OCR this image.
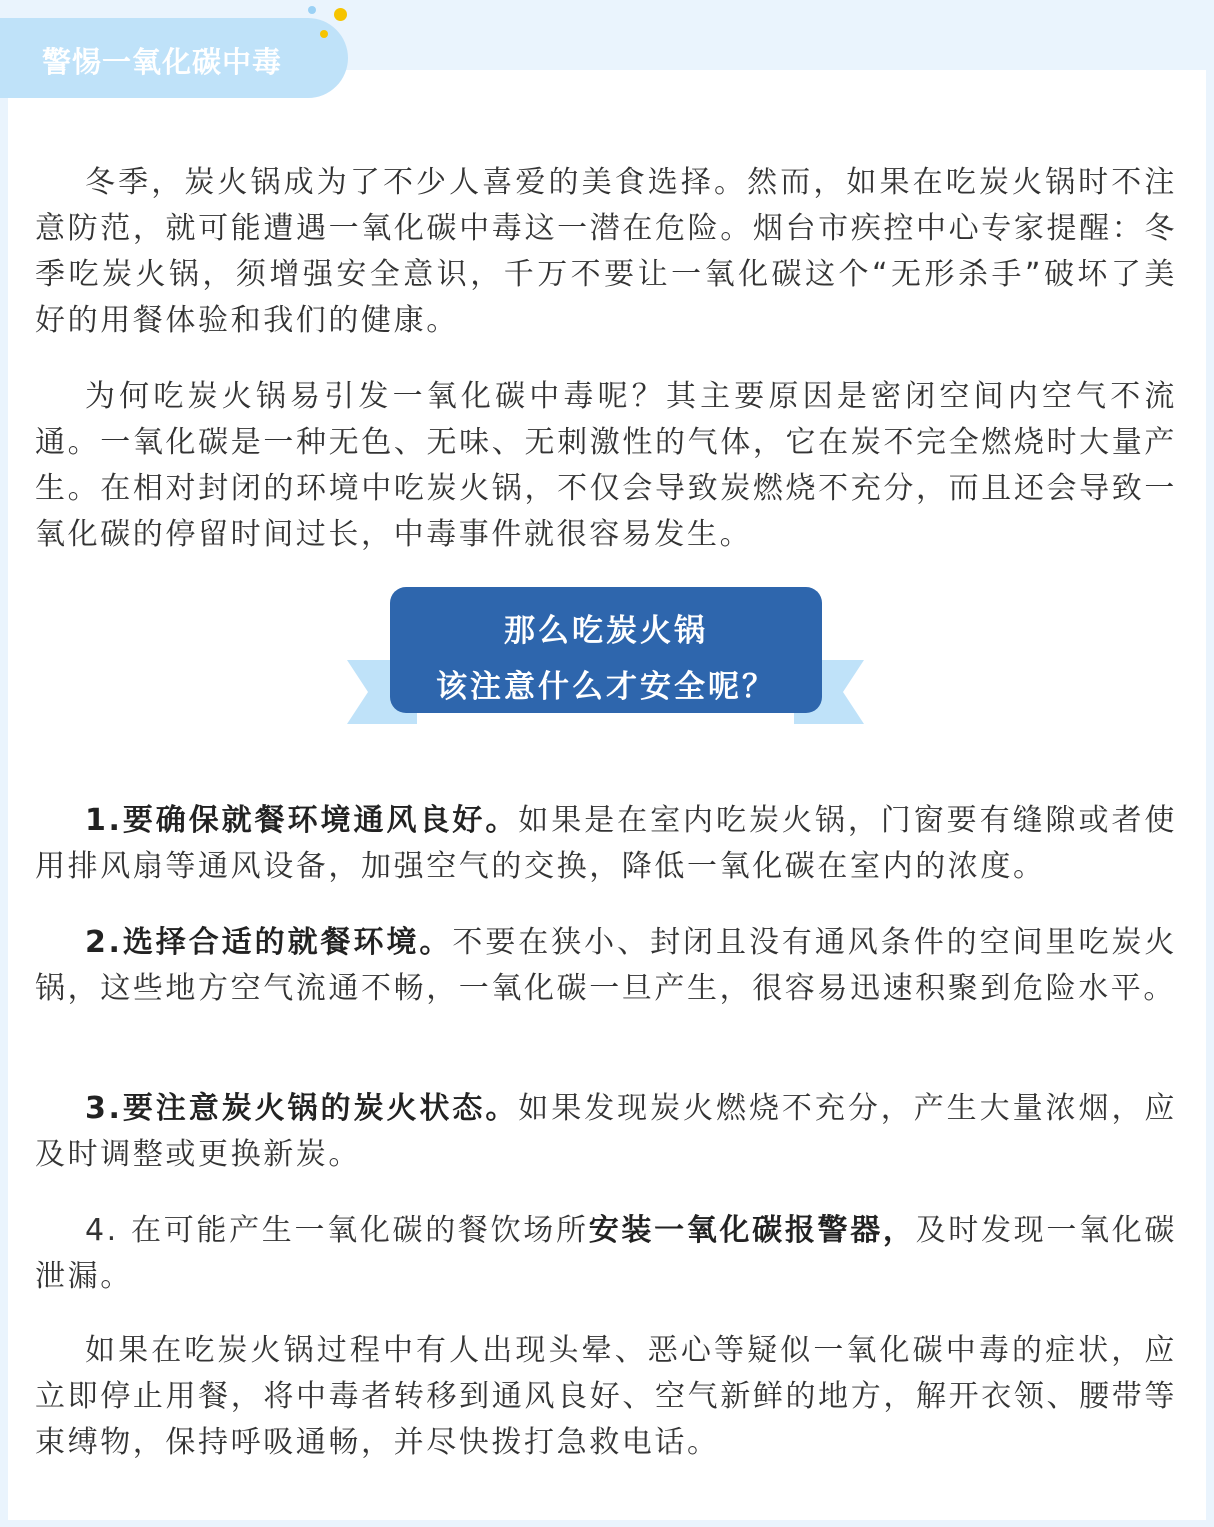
警惕一氧化碳中毒

冬季，炭火锅成为了不少人喜爱的美食选择。然而，如果在吃炭火锅时不注意防范，就可能遭遇一氧化碳中毒这一潜在危险。烟台市疾控中心专家提醒：冬季吃炭火锅，须增强安全意识，千万不要让一氧化碳这个“无形杀手”破坏了美好的用餐体验和我们的健康。

为何吃炭火锅易引发一氧化碳中毒呢？其主要原因是密闭空间内空气不流通。一氧化碳是一种无色、无味、无刺激性的气体，它在炭不完全燃烧时大量产生。在相对封闭的环境中吃炭火锅，不仅会导致炭燃烧不充分，而且还会导致一氧化碳的停留时间过长，中毒事件就很容易发生。

那么吃炭火锅
该注意什么才安全呢？

1.要确保就餐环境通风良好。如果是在室内吃炭火锅，门窗要有缝隙或者使用排风扇等通风设备，加强空气的交换，降低一氧化碳在室内的浓度。

2.选择合适的就餐环境。不要在狭小、封闭且没有通风条件的空间里吃炭火锅，这些地方空气流通不畅，一氧化碳一旦产生，很容易迅速积聚到危险水平。

3.要注意炭火锅的炭火状态。如果发现炭火燃烧不充分，产生大量浓烟，应及时调整或更换新炭。

4. 在可能产生一氧化碳的餐饮场所安装一氧化碳报警器，及时发现一氧化碳泄漏。

如果在吃炭火锅过程中有人出现头晕、恶心等疑似一氧化碳中毒的症状，应立即停止用餐，将中毒者转移到通风良好、空气新鲜的地方，解开衣领、腰带等束缚物，保持呼吸通畅，并尽快拨打急救电话。
